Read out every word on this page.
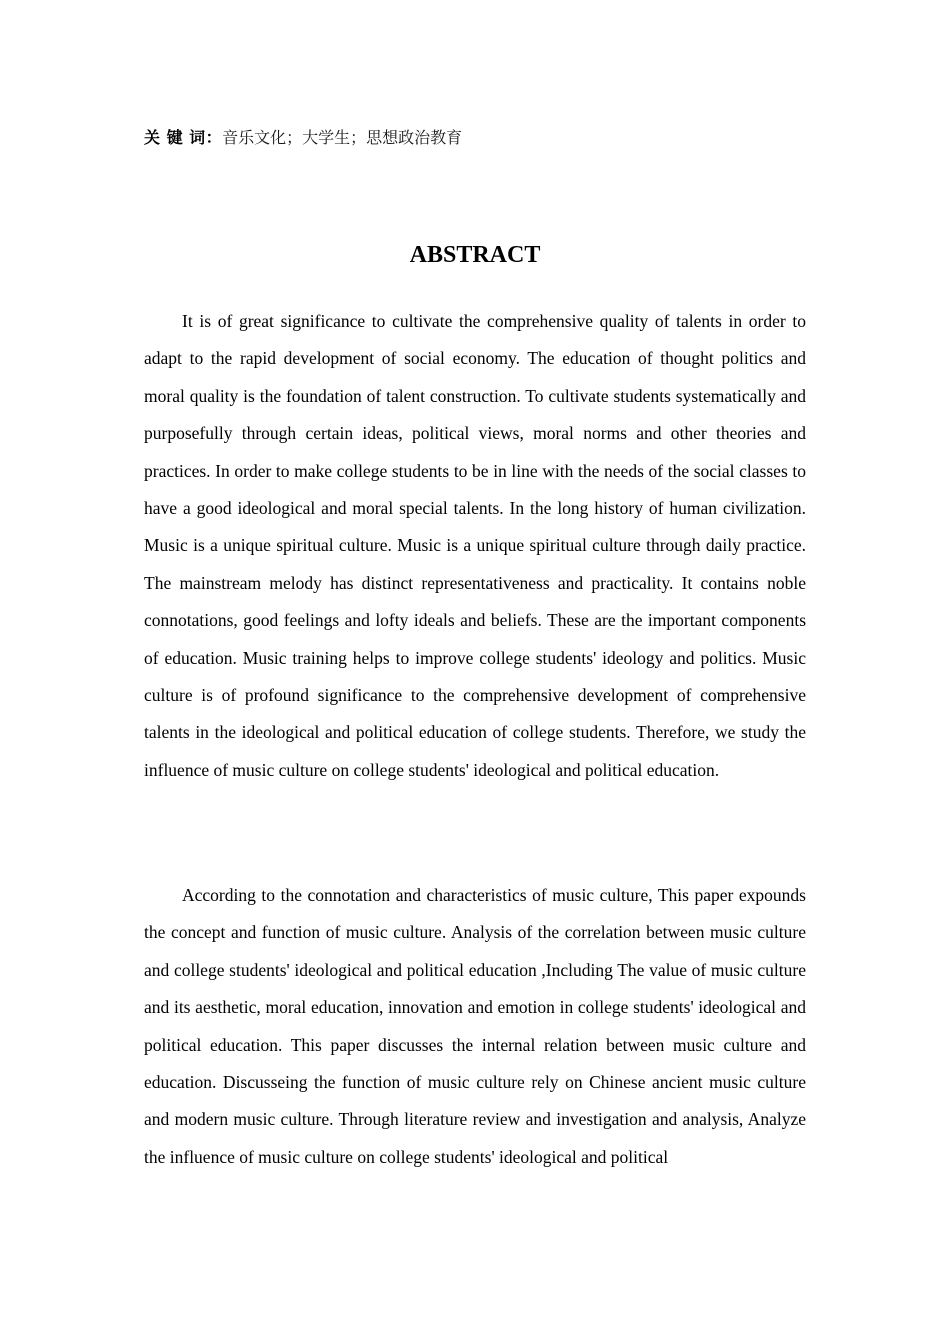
关 键 词：音乐文化；大学生；思想政治教育
ABSTRACT

It is of great significance to cultivate the comprehensive quality of talents in order to adapt to the rapid development of social economy. The education of thought politics and moral quality is the foundation of talent construction. To cultivate students systematically and purposefully through certain ideas, political views, moral norms and other theories and practices. In order to make college students to be in line with the needs of the social classes to have a good ideological and moral special talents. In the long history of human civilization. Music is a unique spiritual culture. Music is a unique spiritual culture through daily practice. The mainstream melody has distinct representativeness and practicality. It contains noble connotations, good feelings and lofty ideals and beliefs. These are the important components of education. Music training helps to improve college students' ideology and politics. Music culture is of profound significance to the comprehensive development of comprehensive talents in the ideological and political education of college students. Therefore, we study the influence of music culture on college students' ideological and political education.

According to the connotation and characteristics of music culture, This paper expounds the concept and function of music culture. Analysis of the correlation between music culture and college students' ideological and political education ,Including The value of music culture and its aesthetic, moral education, innovation and emotion in college students' ideological and political education. This paper discusses the internal relation between music culture and education. Discusseing the function of music culture rely on Chinese ancient music culture and modern music culture. Through literature review and investigation and analysis, Analyze the influence of music culture on college students' ideological and political
